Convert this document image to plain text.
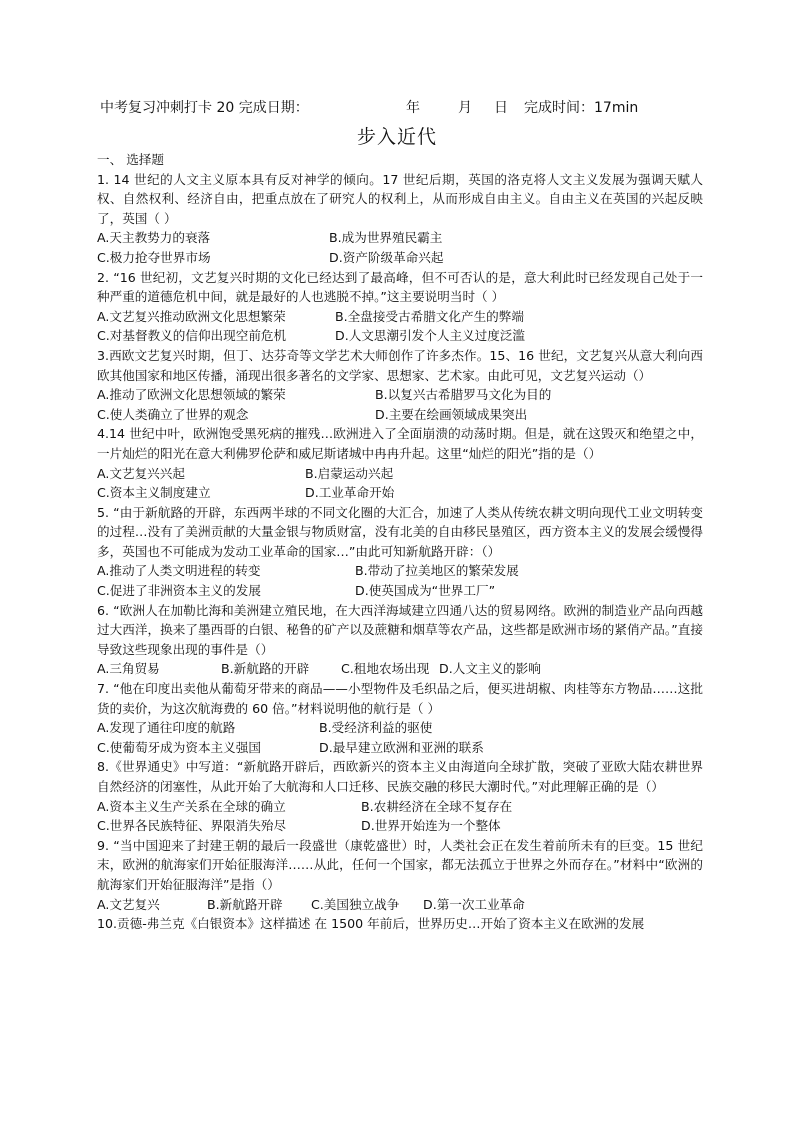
中考复习冲刺打卡 20 完成日期：	年	月 日 完成时间：17min
步入近代
一、 选择题
1. 14 世纪的人文主义原本具有反对神学的倾向。17 世纪后期，英国的洛克将人文主义发展为强调天赋人权、自然权利、经济自由，把重点放在了研究人的权利上，从而形成自由主义。自由主义在英国的兴起反映了，英国（ ）
A.天主教势力的衰落	B.成为世界殖民霸主
C.极力抢夺世界市场	D.资产阶级革命兴起
2. “16 世纪初，文艺复兴时期的文化已经达到了最高峰，但不可否认的是，意大利此时已经发现自己处于一种严重的道德危机中间，就是最好的人也逃脱不掉。”这主要说明当时（ ）
A.文艺复兴推动欧洲文化思想繁荣	B.全盘接受古希腊文化产生的弊端
C.对基督教义的信仰出现空前危机	D.人文思潮引发个人主义过度泛滥
3.西欧文艺复兴时期，但丁、达芬奇等文学艺术大师创作了许多杰作。15、16 世纪，文艺复兴从意大利向西欧其他国家和地区传播，涌现出很多著名的文学家、思想家、艺术家。由此可见，文艺复兴运动（）
A.推动了欧洲文化思想领域的繁荣	B.以复兴古希腊罗马文化为目的
C.使人类确立了世界的观念	D.主要在绘画领域成果突出
4.14 世纪中叶，欧洲饱受黑死病的摧残…欧洲进入了全面崩溃的动荡时期。但是，就在这毁灭和绝望之中，一片灿烂的阳光在意大利佛罗伦萨和威尼斯诸城中冉冉升起。这里“灿烂的阳光”指的是（）
A.文艺复兴兴起	B.启蒙运动兴起
C.资本主义制度建立	D.工业革命开始
5. “由于新航路的开辟，东西两半球的不同文化圈的大汇合，加速了人类从传统农耕文明向现代工业文明转变的过程…没有了美洲贡献的大量金银与物质财富，没有北美的自由移民垦殖区，西方资本主义的发展会缓慢得多，英国也不可能成为发动工业革命的国家…”由此可知新航路开辟：（）
A.推动了人类文明进程的转变	B.带动了拉美地区的繁荣发展
C.促进了非洲资本主义的发展	D.使英国成为“世界工厂”
6. “欧洲人在加勒比海和美洲建立殖民地，在大西洋海域建立四通八达的贸易网络。欧洲的制造业产品向西越过大西洋，换来了墨西哥的白银、秘鲁的矿产以及蔗糖和烟草等农产品，这些都是欧洲市场的紧俏产品。”直接导致这些现象出现的事件是（）
A.三角贸易	B.新航路的开辟	C.租地农场出现 D.人文主义的影响
7. “他在印度出卖他从葡萄牙带来的商品——小型物件及毛织品之后，便买进胡椒、肉桂等东方物品……这批货的卖价，为这次航海费的 60 倍。”材料说明他的航行是（ ）
A.发现了通往印度的航路	B.受经济利益的驱使
C.使葡萄牙成为资本主义强国	D.最早建立欧洲和亚洲的联系
8.《世界通史》中写道：“新航路开辟后，西欧新兴的资本主义由海道向全球扩散，突破了亚欧大陆农耕世界自然经济的闭塞性，从此开始了大航海和人口迁移、民族交融的移民大潮时代。”对此理解正确的是（）
A.资本主义生产关系在全球的确立	B.农耕经济在全球不复存在
C.世界各民族特征、界限消失殆尽	D.世界开始连为一个整体
9. “当中国迎来了封建王朝的最后一段盛世（康乾盛世）时，人类社会正在发生着前所未有的巨变。15 世纪末，欧洲的航海家们开始征服海洋……从此，任何一个国家，都无法孤立于世界之外而存在。”材料中“欧洲的航海家们开始征服海洋”是指（）
A.文艺复兴	B.新航路开辟 C.美国独立战争 D.第一次工业革命
10.贡德-弗兰克《白银资本》这样描述 在 1500 年前后，世界历史…开始了资本主义在欧洲的发展
